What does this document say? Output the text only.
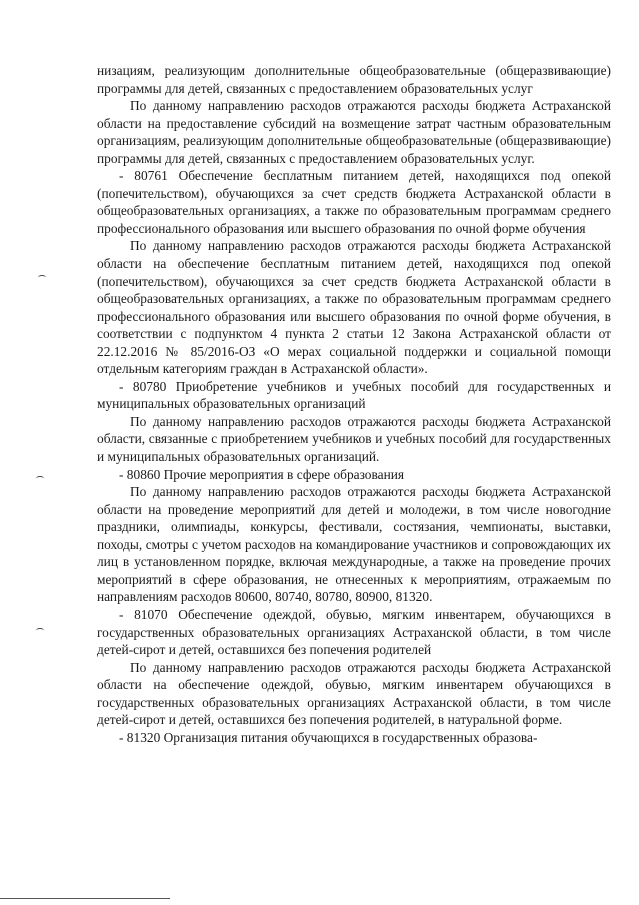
низациям, реализующим дополнительные общеобразовательные (общеразвивающие) программы для детей, связанных с предоставлением образовательных услуг

По данному направлению расходов отражаются расходы бюджета Астраханской области на предоставление субсидий на возмещение затрат частным образовательным организациям, реализующим дополнительные общеобразовательные (общеразвивающие) программы для детей, связанных с предоставлением образовательных услуг.

- 80761 Обеспечение бесплатным питанием детей, находящихся под опекой (попечительством), обучающихся за счет средств бюджета Астраханской области в общеобразовательных организациях, а также по образовательным программам среднего профессионального образования или высшего образования по очной форме обучения

По данному направлению расходов отражаются расходы бюджета Астраханской области на обеспечение бесплатным питанием детей, находящихся под опекой (попечительством), обучающихся за счет средств бюджета Астраханской области в общеобразовательных организациях, а также по образовательным программам среднего профессионального образования или высшего образования по очной форме обучения, в соответствии с подпунктом 4 пункта 2 статьи 12 Закона Астраханской области от 22.12.2016 № 85/2016-ОЗ «О мерах социальной поддержки и социальной помощи отдельным категориям граждан в Астраханской области».

- 80780 Приобретение учебников и учебных пособий для государственных и муниципальных образовательных организаций

По данному направлению расходов отражаются расходы бюджета Астраханской области, связанные с приобретением учебников и учебных пособий для государственных и муниципальных образовательных организаций.

- 80860 Прочие мероприятия в сфере образования

По данному направлению расходов отражаются расходы бюджета Астраханской области на проведение мероприятий для детей и молодежи, в том числе новогодние праздники, олимпиады, конкурсы, фестивали, состязания, чемпионаты, выставки, походы, смотры с учетом расходов на командирование участников и сопровождающих их лиц в установленном порядке, включая международные, а также на проведение прочих мероприятий в сфере образования, не отнесенных к мероприятиям, отражаемым по направлениям расходов 80600, 80740, 80780, 80900, 81320.

- 81070 Обеспечение одеждой, обувью, мягким инвентарем, обучающихся в государственных образовательных организациях Астраханской области, в том числе детей-сирот и детей, оставшихся без попечения родителей

По данному направлению расходов отражаются расходы бюджета Астраханской области на обеспечение одеждой, обувью, мягким инвентарем обучающихся в государственных образовательных организациях Астраханской области, в том числе детей-сирот и детей, оставшихся без попечения родителей, в натуральной форме.

- 81320 Организация питания обучающихся в государственных образова-
